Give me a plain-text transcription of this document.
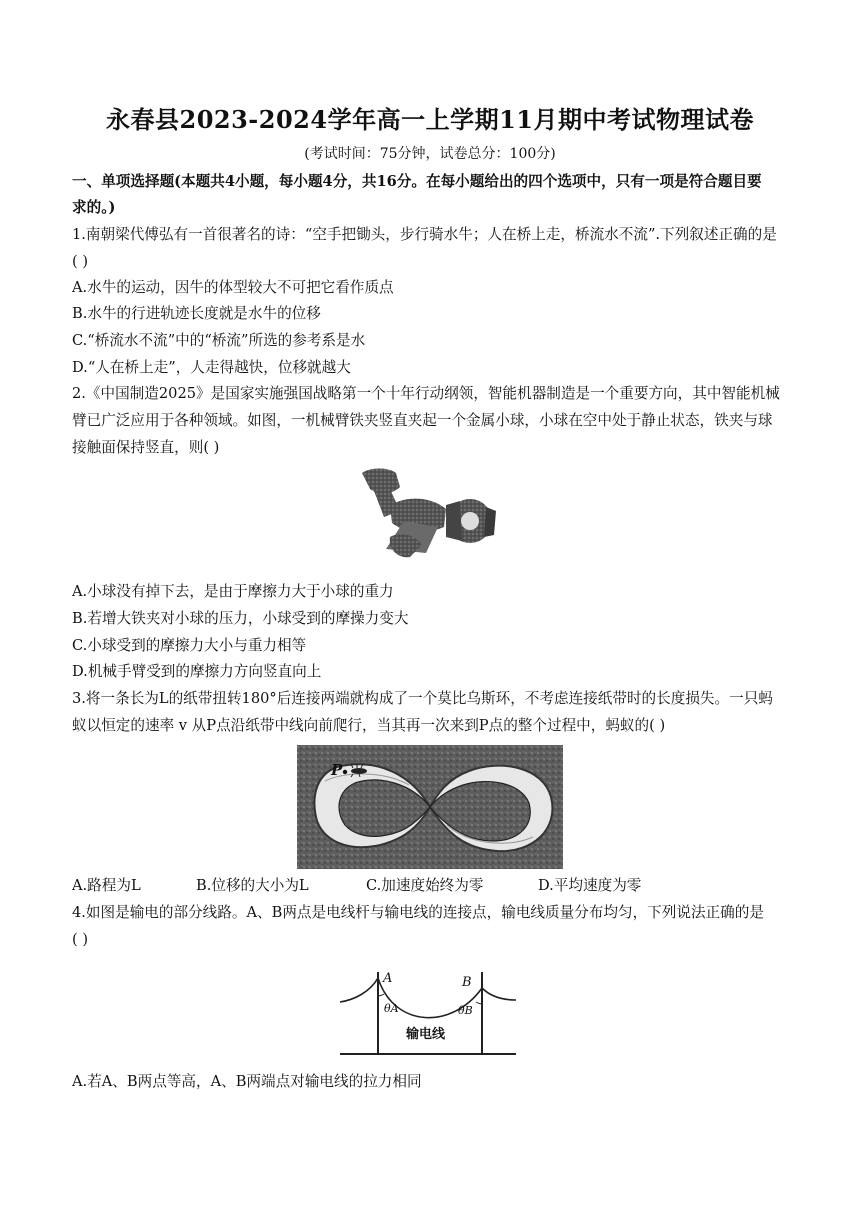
永春县2023-2024学年高一上学期11月期中考试物理试卷
(考试时间：75分钟，试卷总分：100分)
一、单项选择题(本题共4小题，每小题4分，共16分。在每小题给出的四个选项中，只有一项是符合题目要
求的。)
1.南朝梁代傅弘有一首很著名的诗：“空手把锄头，步行骑水牛；人在桥上走，桥流水不流”.下列叙述正确的是
( )
A.水牛的运动，因牛的体型较大不可把它看作质点
B.水牛的行进轨迹长度就是水牛的位移
C.“桥流水不流”中的“桥流”所选的参考系是水
D.“人在桥上走”，人走得越快，位移就越大
2.《中国制造2025》是国家实施强国战略第一个十年行动纲领，智能机器制造是一个重要方向，其中智能机械
臂已广泛应用于各种领域。如图，一机械臂铁夹竖直夹起一个金属小球，小球在空中处于静止状态，铁夹与球
接触面保持竖直，则( )
A.小球没有掉下去，是由于摩擦力大于小球的重力
B.若增大铁夹对小球的压力，小球受到的摩操力变大
C.小球受到的摩擦力大小与重力相等
D.机械手臂受到的摩擦力方向竖直向上
3.将一条长为L的纸带扭转180°后连接两端就构成了一个莫比乌斯环，不考虑连接纸带时的长度损失。一只蚂
蚁以恒定的速率 v 从P点沿纸带中线向前爬行，当其再一次来到P点的整个过程中，蚂蚁的( )
P
A.路程为L	B.位移的大小为L	C.加速度始终为零	D.平均速度为零
4.如图是输电的部分线路。A、B两点是电线杆与输电线的连接点，输电线质量分布均匀，下列说法正确的是
( )
A	B
θA	θB
输电线
A.若A、B两点等高，A、B两端点对输电线的拉力相同
